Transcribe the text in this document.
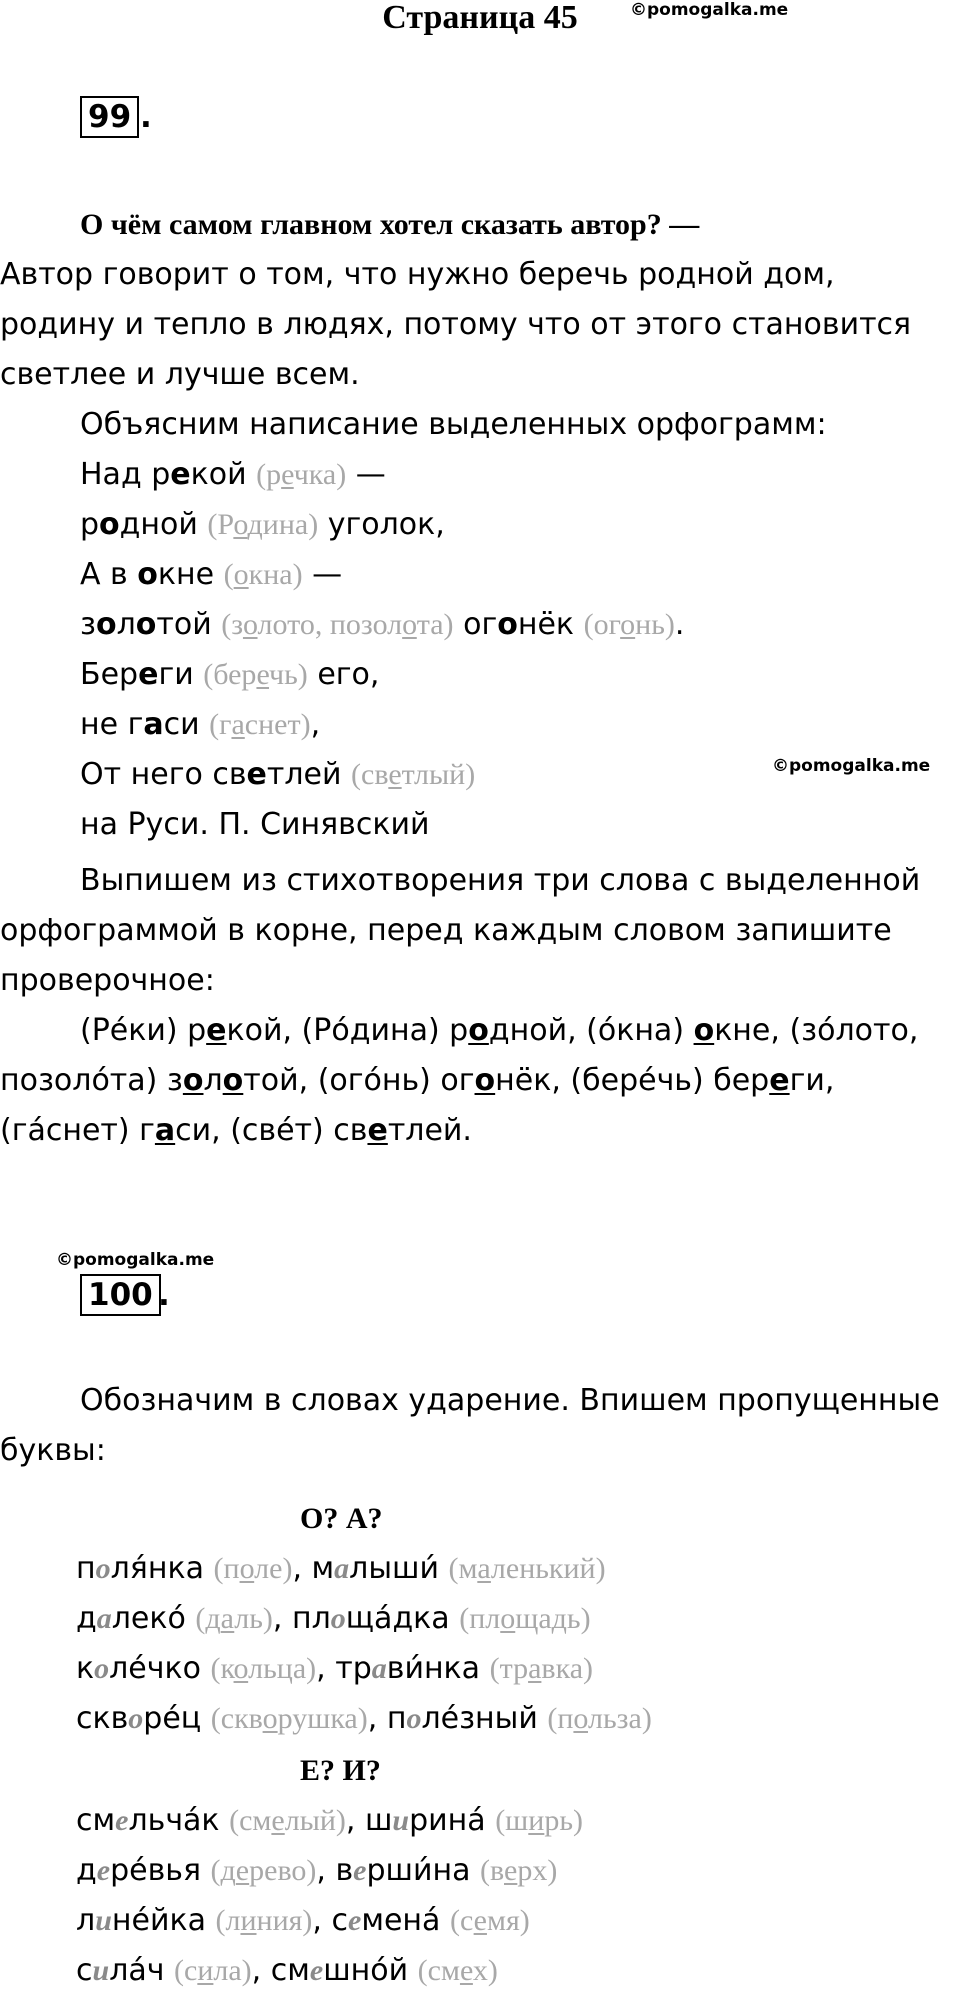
Страница 45	©pomogalka.me
99 .
О чём самом главном хотел сказать автор? —
Автор говорит о том, что нужно беречь родной дом,
родину и тепло в людях, потому что от этого становится
светлее и лучше всем.
Объясним написание выделенных орфограмм:
Над рекой (речка) —
родной (Родина) уголок,
А в окне (окна) —
золотой (золото, позолота) огонёк (огонь).
Береги (беречь) его,
не гаси (гаснет),
От него светлей (светлый)
на Руси. П. Синявский
Выпишем из стихотворения три слова с выделенной
орфограммой в корне, перед каждым словом запишите
проверочное:
(Ре́ки) рекой, (Ро́дина) родной, (о́кна) окне, (зо́лото,
позоло́та) золотой, (ого́нь) огонёк, (бере́чь) береги,
(га́снет) гаси, (све́т) светлей.
©pomogalka.me
©pomogalka.me
100 .
Обозначим в словах ударение. Впишем пропущенные
буквы:
О? А?
поля́нка (поле), малыши́ (маленький)
далеко́ (даль), площа́дка (площадь)
коле́чко (кольца), трави́нка (травка)
скворе́ц (скворушка), поле́зный (польза)
Е? И?
смельча́к (смелый), ширина́ (ширь)
дере́вья (дерево), верши́на (верх)
лине́йка (линия), семена́ (семя)
сила́ч (сила), смешно́й (смех)
